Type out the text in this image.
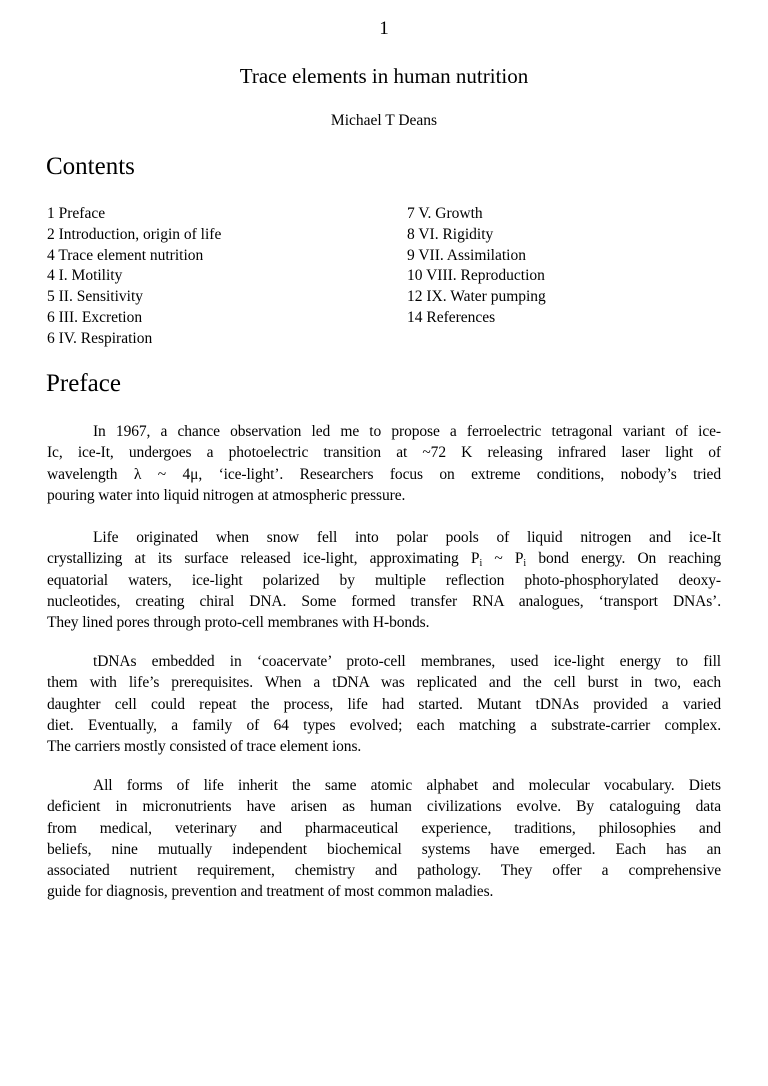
1
Trace elements in human nutrition
Michael T Deans
Contents
1 Preface
2 Introduction, origin of life
4 Trace element nutrition
4 I. Motility
5 II. Sensitivity
6 III. Excretion
6 IV. Respiration
7 V. Growth
8 VI. Rigidity
9 VII. Assimilation
10 VIII. Reproduction
12 IX. Water pumping
14 References
Preface
In 1967, a chance observation led me to propose a ferroelectric tetragonal variant of ice-
Ic, ice-It, undergoes a photoelectric transition at ~72 K releasing infrared laser light of
wavelength λ ~ 4μ, ‘ice-light’. Researchers focus on extreme conditions, nobody’s tried
pouring water into liquid nitrogen at atmospheric pressure.
Life originated when snow fell into polar pools of liquid nitrogen and ice-It
crystallizing at its surface released ice-light, approximating $P_i$ ~ $P_i$ bond energy. On reaching
equatorial waters, ice-light polarized by multiple reflection photo-phosphorylated deoxy-
nucleotides, creating chiral DNA. Some formed transfer RNA analogues, ‘transport DNAs’.
They lined pores through proto-cell membranes with H-bonds.
tDNAs embedded in ‘coacervate’ proto-cell membranes, used ice-light energy to fill
them with life’s prerequisites. When a tDNA was replicated and the cell burst in two, each
daughter cell could repeat the process, life had started. Mutant tDNAs provided a varied
diet. Eventually, a family of 64 types evolved; each matching a substrate-carrier complex.
The carriers mostly consisted of trace element ions.
All forms of life inherit the same atomic alphabet and molecular vocabulary. Diets
deficient in micronutrients have arisen as human civilizations evolve. By cataloguing data
from medical, veterinary and pharmaceutical experience, traditions, philosophies and
beliefs, nine mutually independent biochemical systems have emerged. Each has an
associated nutrient requirement, chemistry and pathology. They offer a comprehensive
guide for diagnosis, prevention and treatment of most common maladies.
